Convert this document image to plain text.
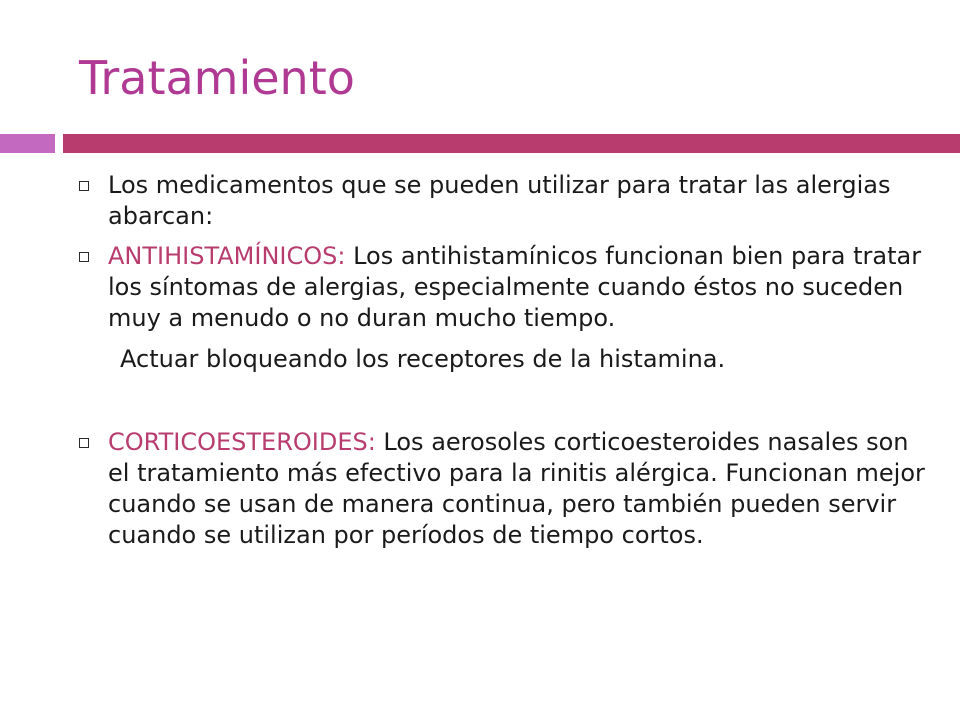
Tratamiento
Los medicamentos que se pueden utilizar para tratar las alergias abarcan:
ANTIHISTAMÍNICOS: Los antihistamínicos funcionan bien para tratar los síntomas de alergias, especialmente cuando éstos no suceden muy a menudo o no duran mucho tiempo.
Actuar bloqueando los receptores de la histamina.
CORTICOESTEROIDES: Los aerosoles corticoesteroides nasales son el tratamiento más efectivo para la rinitis alérgica. Funcionan mejor cuando se usan de manera continua, pero también pueden servir cuando se utilizan por períodos de tiempo cortos.
